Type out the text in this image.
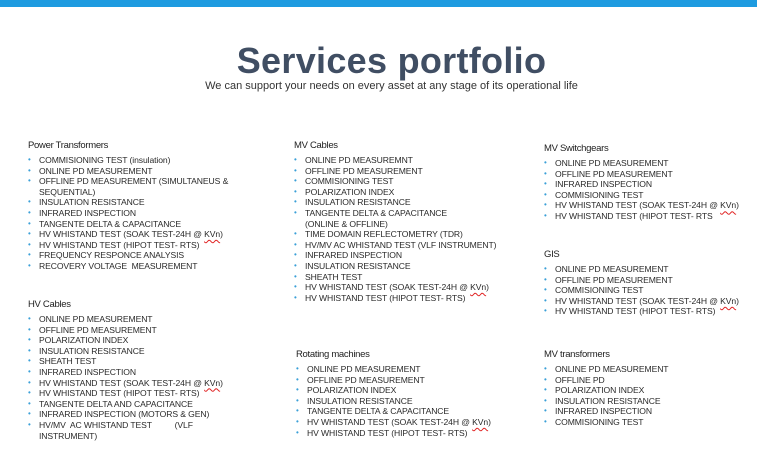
Services portfolio
We can support your needs on every asset at any stage of its operational life
Power Transformers
• COMMISIONING TEST (insulation)
• ONLINE PD MEASUREMENT
• OFFLINE PD MEASUREMENT (SIMULTANEUS &
SEQUENTIAL)
• INSULATION RESISTANCE
• INFRARED INSPECTION
• TANGENTE DELTA & CAPACITANCE
• HV WHISTAND TEST (SOAK TEST-24H @ KVn)
• HV WHISTAND TEST (HIPOT TEST- RTS)
• FREQUENCY RESPONCE ANALYSIS
• RECOVERY VOLTAGE  MEASUREMENT
HV Cables
• ONLINE PD MEASUREMENT
• OFFLINE PD MEASUREMENT
• POLARIZATION INDEX
• INSULATION RESISTANCE
• SHEATH TEST
• INFRARED INSPECTION
• HV WHISTAND TEST (SOAK TEST-24H @ KVn)
• HV WHISTAND TEST (HIPOT TEST- RTS)
• TANGENTE DELTA AND CAPACITANCE
• INFRARED INSPECTION (MOTORS & GEN)
• HV/MV  AC WHISTAND TEST          (VLF
INSTRUMENT)
MV Cables
• ONLINE PD MEASUREMNT
• OFFLINE PD MEASUREMENT
• COMMISIONING TEST
• POLARIZATION INDEX
• INSULATION RESISTANCE
• TANGENTE DELTA & CAPACITANCE
(ONLINE & OFFLINE)
• TIME DOMAIN REFLECTOMETRY (TDR)
• HV/MV AC WHISTAND TEST (VLF INSTRUMENT)
• INFRARED INSPECTION
• INSULATION RESISTANCE
• SHEATH TEST
• HV WHISTAND TEST (SOAK TEST-24H @ KVn)
• HV WHISTAND TEST (HIPOT TEST- RTS)
Rotating machines
• ONLINE PD MEASUREMENT
• OFFLINE PD MEASUREMENT
• POLARIZATION INDEX
• INSULATION RESISTANCE
• TANGENTE DELTA & CAPACITANCE
• HV WHISTAND TEST (SOAK TEST-24H @ KVn)
• HV WHISTAND TEST (HIPOT TEST- RTS)
MV Switchgears
• ONLINE PD MEASUREMENT
• OFFLINE PD MEASUREMENT
• INFRARED INSPECTION
• COMMISIONING TEST
• HV WHISTAND TEST (SOAK TEST-24H @ KVn)
• HV WHISTAND TEST (HIPOT TEST- RTS
GIS
• ONLINE PD MEASUREMENT
• OFFLINE PD MEASUREMENT
• COMMISIONING TEST
• HV WHISTAND TEST (SOAK TEST-24H @ KVn)
• HV WHISTAND TEST (HIPOT TEST- RTS)
MV transformers
• ONLINE PD MEASUREMENT
• OFFLINE PD
• POLARIZATION INDEX
• INSULATION RESISTANCE
• INFRARED INSPECTION
• COMMISIONING TEST
